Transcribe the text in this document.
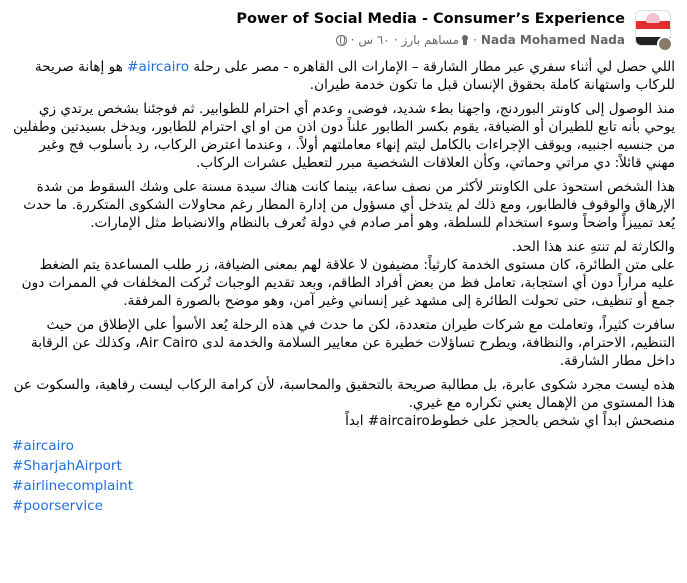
Power of Social Media - Consumer’s Experience
Nada Mohamed Nada
·
مساهم بارز
·
٦٠ س
·

اللي حصل لي أثناء سفري عبر مطار الشارقة – الإمارات الى القاهره - مصر على رحلة #aircairo هو إهانة صريحة للركاب واستهانة كاملة بحقوق الإنسان قبل ما تكون خدمة طيران.

منذ الوصول إلى كاونتر البوردنج، واجهنا بطء شديد، فوضى، وعدم أي احترام للطوابير. ثم فوجئنا بشخص يرتدي زي يوحي بأنه تابع للطيران أو الضيافة، يقوم بكسر الطابور علناً دون اذن من او اي احترام للطابور، ويدخل بسيدتين وطفلين من جنسيه اجنبيه، ويوقف الإجراءات بالكامل ليتم إنهاء معاملتهم أولاً. ، وعندما اعترض الركاب، رد بأسلوب فج وغير مهني قائلاً: دي مراتي وحماتي، وكأن العلاقات الشخصية مبرر لتعطيل عشرات الركاب.

هذا الشخص استحوذ على الكاونتر لأكثر من نصف ساعة، بينما كانت هناك سيدة مسنة على وشك السقوط من شدة الإرهاق والوقوف فالطابور، ومع ذلك لم يتدخل أي مسؤول من إدارة المطار رغم محاولات الشكوى المتكررة. ما حدث يُعد تمييزاً واضحاً وسوء استخدام للسلطة، وهو أمر صادم في دولة تُعرف بالنظام والانضباط مثل الإمارات.

والكارثة لم تنتهِ عند هذا الحد.

على متن الطائرة، كان مستوى الخدمة كارثياً: مضيفون لا علاقة لهم بمعنى الضيافة، زر طلب المساعدة يتم الضغط عليه مراراً دون أي استجابة، تعامل فظ من بعض أفراد الطاقم، وبعد تقديم الوجبات تُركت المخلفات في الممرات دون جمع أو تنظيف، حتى تحولت الطائرة إلى مشهد غير إنساني وغير آمن، وهو موضح بالصورة المرفقة.

سافرت كثيراً، وتعاملت مع شركات طيران متعددة، لكن ما حدث في هذه الرحلة يُعد الأسوأ على الإطلاق من حيث التنظيم، الاحترام، والنظافة، ويطرح تساؤلات خطيرة عن معايير السلامة والخدمة لدى Air Cairo، وكذلك عن الرقابة داخل مطار الشارقة.

هذه ليست مجرد شكوى عابرة، بل مطالبة صريحة بالتحقيق والمحاسبة، لأن كرامة الركاب ليست رفاهية، والسكوت عن هذا المستوى من الإهمال يعني تكراره مع غيري.

منصحش ابداً اي شخص بالحجز على خطوط#aircairo ابداً

#aircairo
#SharjahAirport
#airlinecomplaint
#poorservice
